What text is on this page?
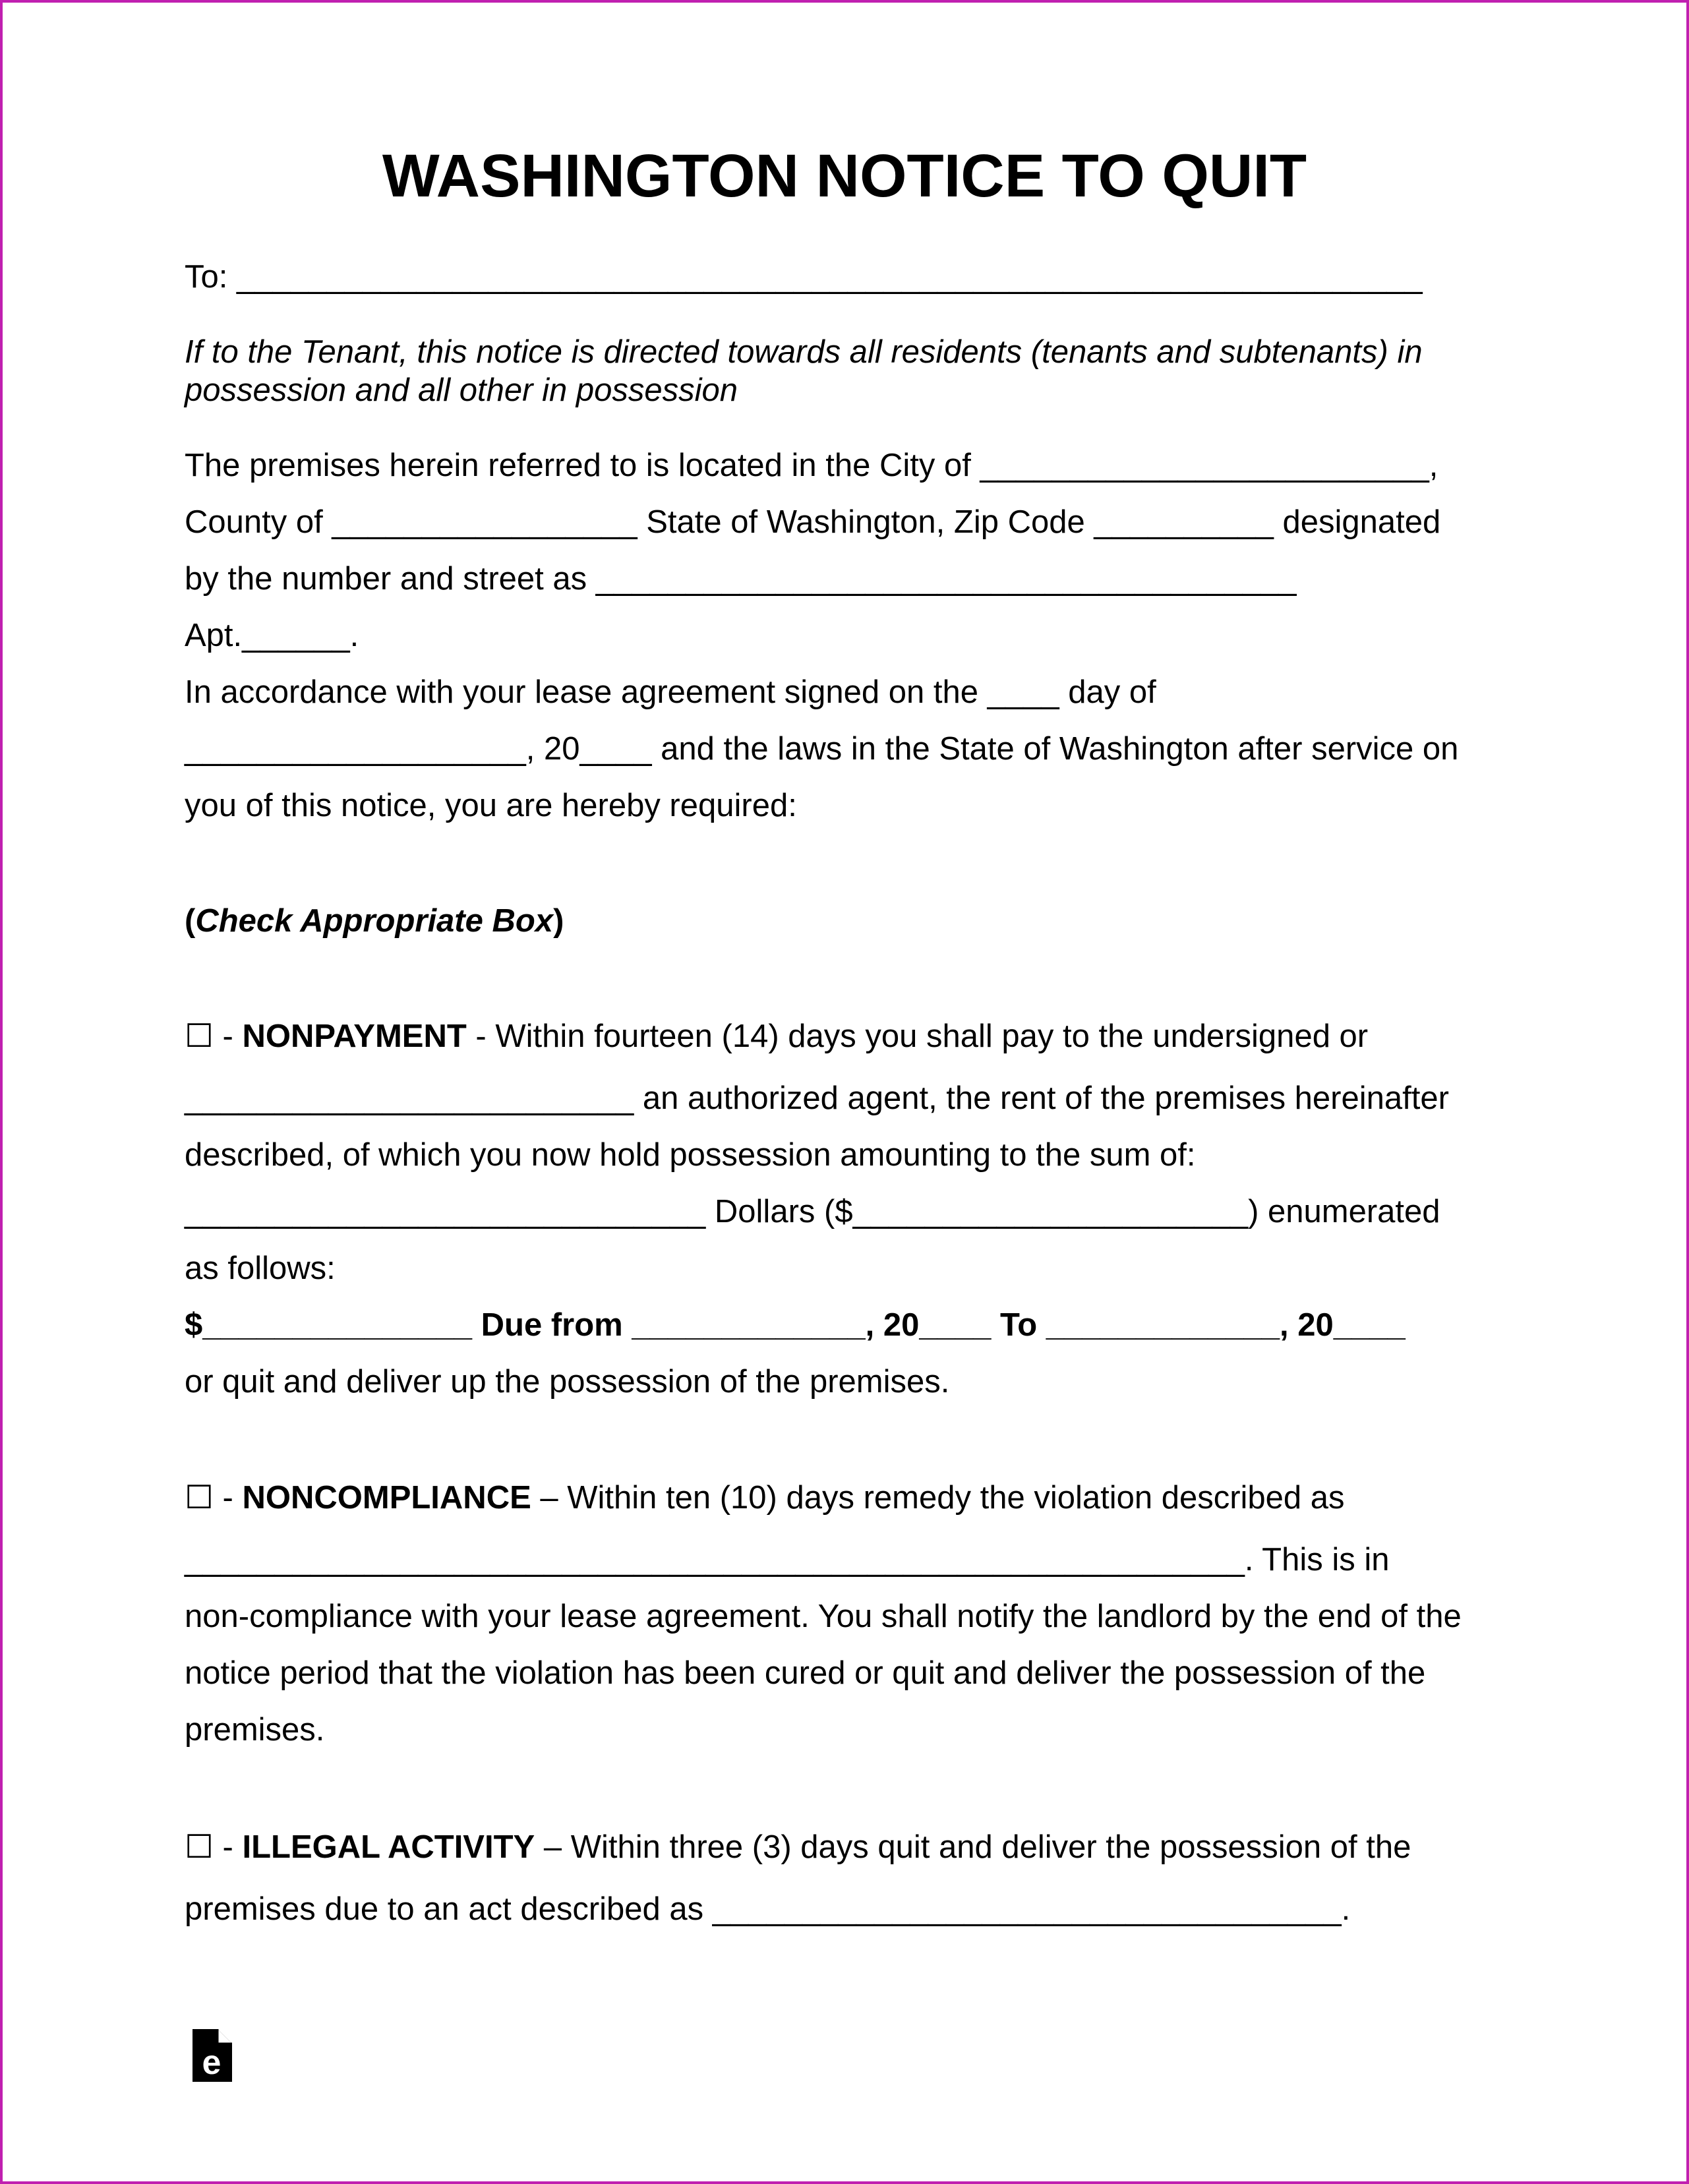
WASHINGTON NOTICE TO QUIT
To: __________________________________________________________________
If to the Tenant, this notice is directed towards all residents (tenants and subtenants) in
possession and all other in possession
The premises herein referred to is located in the City of _________________________,
County of _________________ State of Washington, Zip Code __________ designated
by the number and street as _______________________________________
Apt.______.
In accordance with your lease agreement signed on the ____ day of
___________________, 20____ and the laws in the State of Washington after service on
you of this notice, you are hereby required:
(Check Appropriate Box)
☐ - NONPAYMENT - Within fourteen (14) days you shall pay to the undersigned or
_________________________ an authorized agent, the rent of the premises hereinafter
described, of which you now hold possession amounting to the sum of:
_____________________________ Dollars ($______________________) enumerated
as follows:
$_______________ Due from _____________, 20____ To _____________, 20____
or quit and deliver up the possession of the premises.
☐ - NONCOMPLIANCE – Within ten (10) days remedy the violation described as
___________________________________________________________. This is in
non-compliance with your lease agreement. You shall notify the landlord by the end of the
notice period that the violation has been cured or quit and deliver the possession of the
premises.
☐ - ILLEGAL ACTIVITY – Within three (3) days quit and deliver the possession of the
premises due to an act described as ___________________________________.
e
